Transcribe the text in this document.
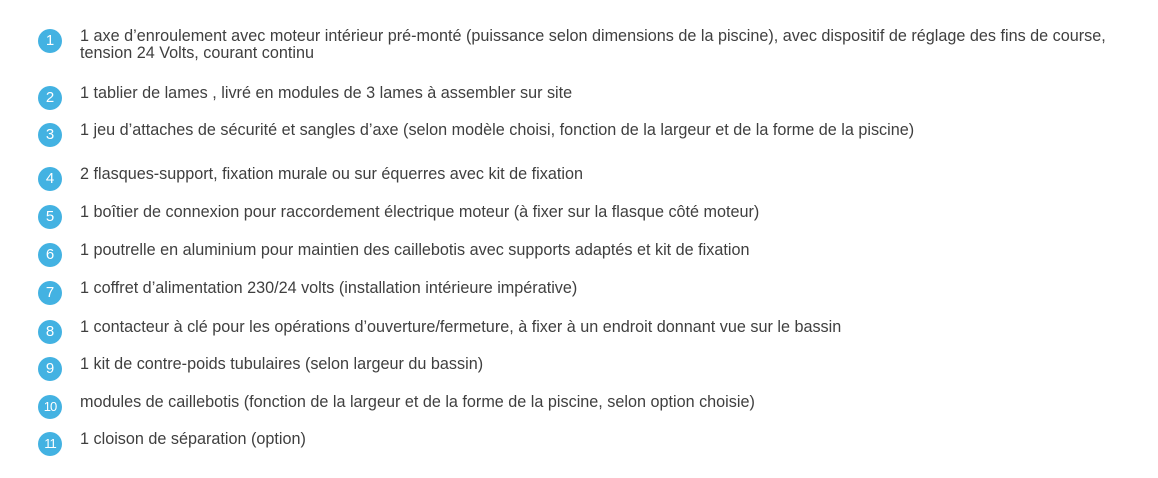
1	1 axe d’enroulement avec moteur intérieur pré-monté (puissance selon dimensions de la piscine), avec dispositif de réglage des fins de course, tension 24 Volts, courant continu
2	1 tablier de lames , livré en modules de 3 lames à assembler sur site
3	1 jeu d’attaches de sécurité et sangles d’axe (selon modèle choisi, fonction de la largeur et de la forme de la piscine)
4	2 flasques-support, fixation murale ou sur équerres avec kit de fixation
5	1 boîtier de connexion pour raccordement électrique moteur (à fixer sur la flasque côté moteur)
6	1 poutrelle en aluminium pour maintien des caillebotis avec supports adaptés et kit de fixation
7	1 coffret d’alimentation 230/24 volts (installation intérieure impérative)
8	1 contacteur à clé pour les opérations d’ouverture/fermeture, à fixer à un endroit donnant vue sur le bassin
9	1 kit de contre-poids tubulaires (selon largeur du bassin)
10	modules de caillebotis (fonction de la largeur et de la forme de la piscine, selon option choisie)
11	1 cloison de séparation (option)
